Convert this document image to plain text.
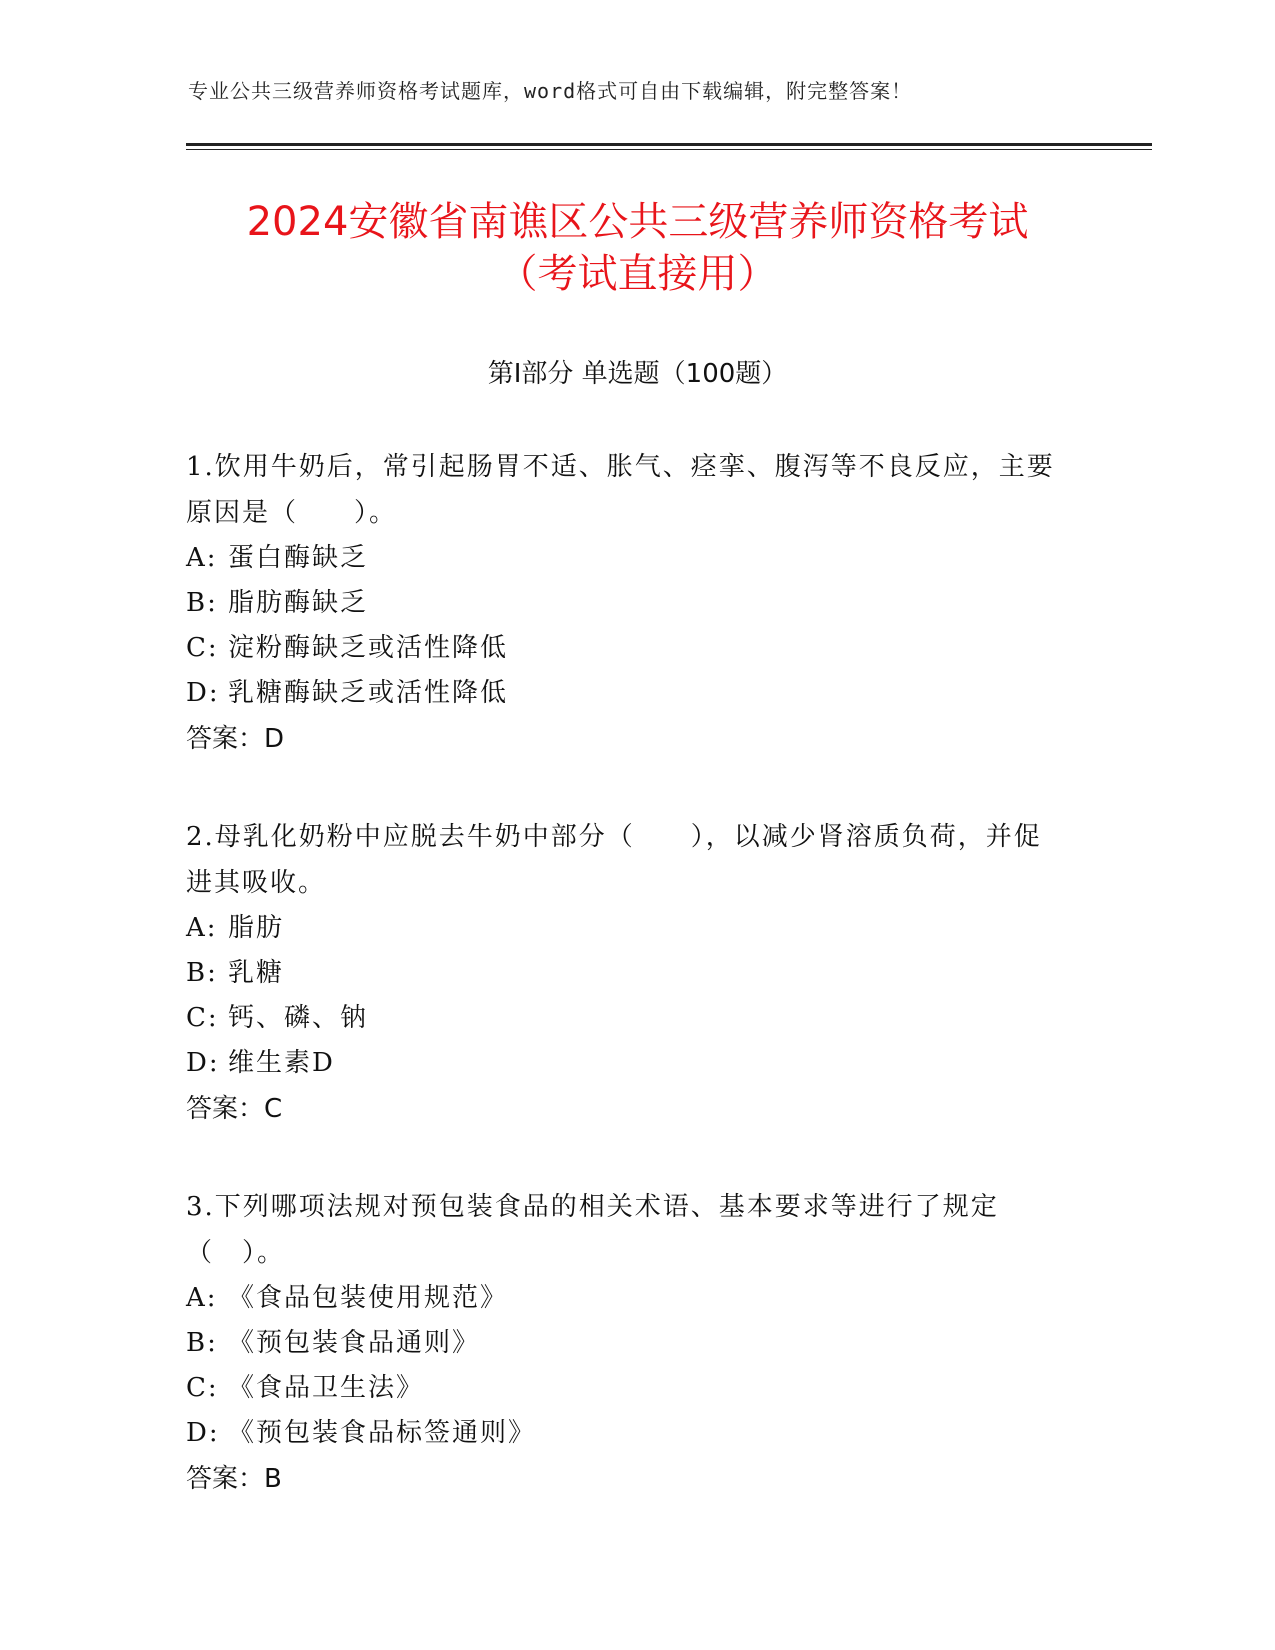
专业公共三级营养师资格考试题库，word格式可自由下载编辑，附完整答案！
2024安徽省南谯区公共三级营养师资格考试
（考试直接用）
第Ⅰ部分 单选题（100题）

1.饮用牛奶后，常引起肠胃不适、胀气、痉挛、腹泻等不良反应，主要原因是（　　）。

A: 蛋白酶缺乏

B: 脂肪酶缺乏

C: 淀粉酶缺乏或活性降低

D: 乳糖酶缺乏或活性降低

答案：D

2.母乳化奶粉中应脱去牛奶中部分（　　），以减少肾溶质负荷，并促进其吸收。

A: 脂肪

B: 乳糖

C: 钙、磷、钠

D: 维生素D

答案：C

3.下列哪项法规对预包装食品的相关术语、基本要求等进行了规定（　）。

A: 《食品包装使用规范》

B: 《预包装食品通则》

C: 《食品卫生法》

D: 《预包装食品标签通则》

答案：B
